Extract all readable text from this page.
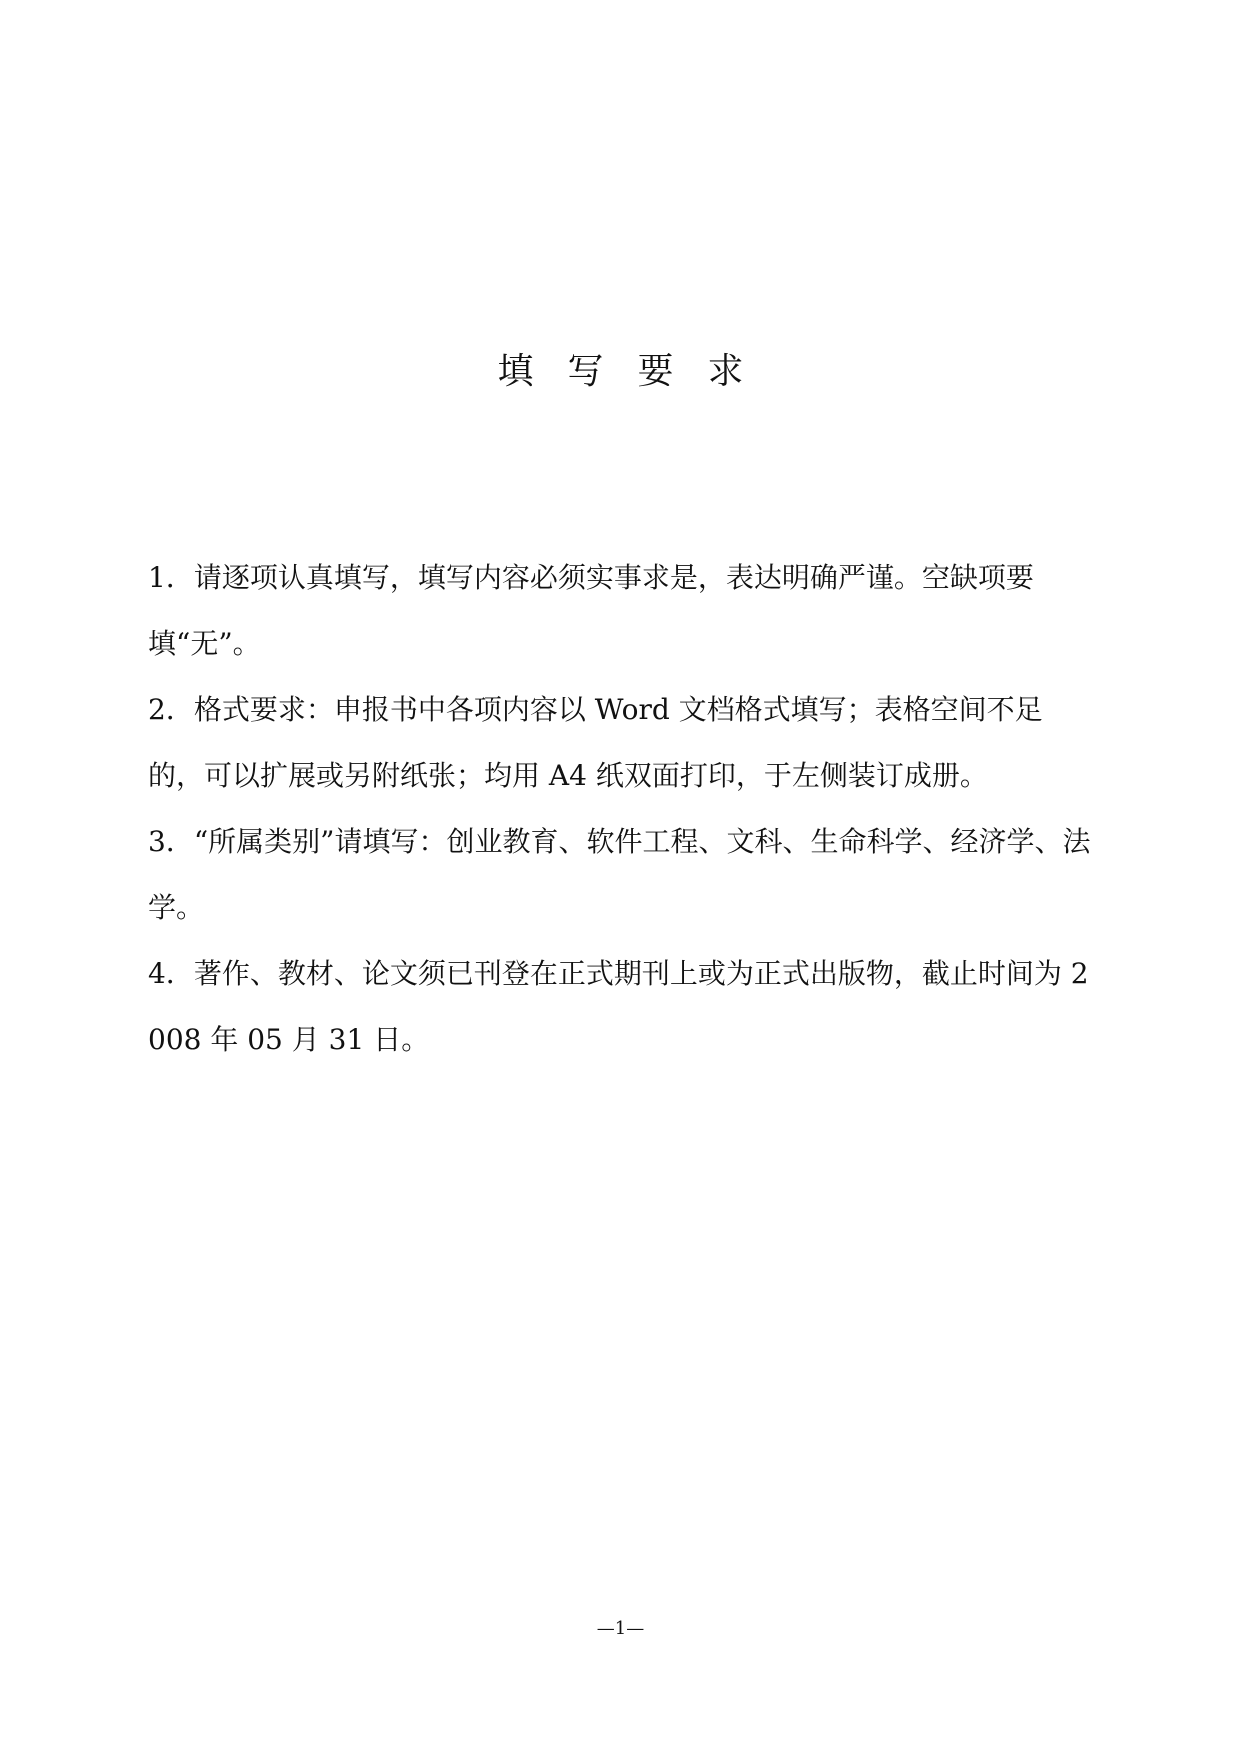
填写要求
1．请逐项认真填写，填写内容必须实事求是，表达明确严谨。空缺项要填“无”。
2．格式要求：申报书中各项内容以 Word 文档格式填写；表格空间不足的，可以扩展或另附纸张；均用 A4 纸双面打印，于左侧装订成册。
3．“所属类别”请填写：创业教育、软件工程、文科、生命科学、经济学、法学。
4．著作、教材、论文须已刊登在正式期刊上或为正式出版物，截止时间为 2008 年 05 月 31 日。
—1—
